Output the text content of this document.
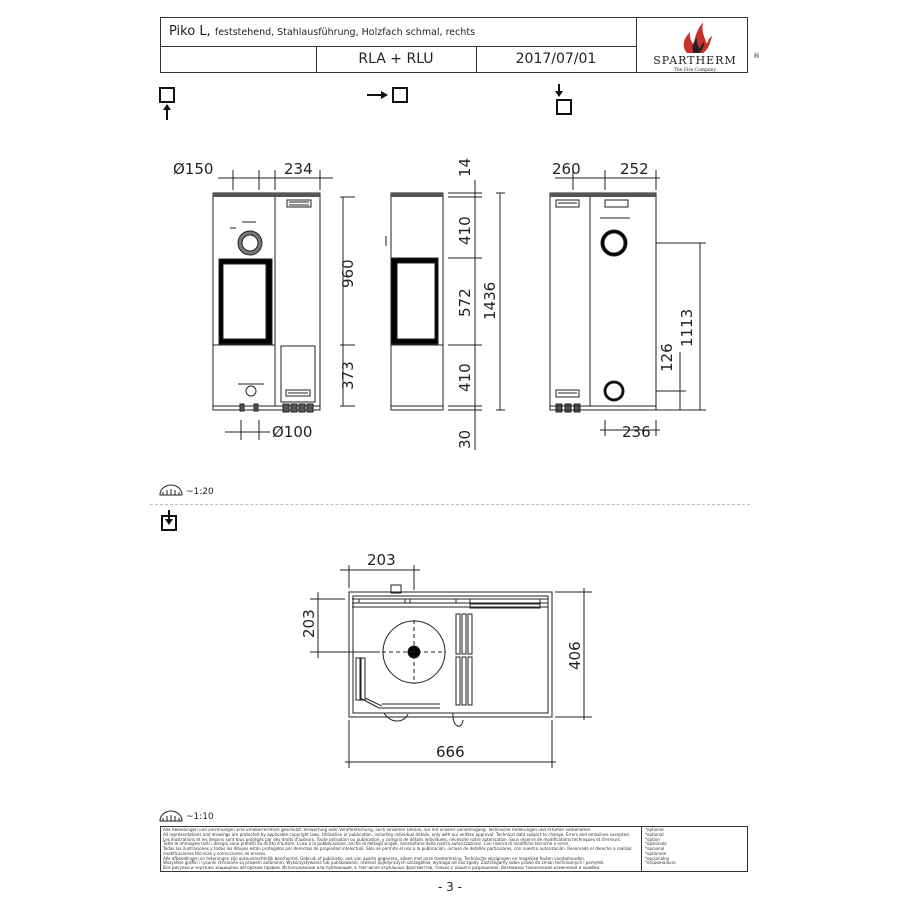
Piko L, feststehend, Stahlausführung, Holzfach schmal, rechts
RLA + RLU	2017/07/01	SPARTHERM
The Fire Company
®
Ø150	234
960
373
Ø100
14
410
572 1436
410
30
260	252
1113
126
236
~1:20
203
203
406
666
~1:10
Alle Abbildungen und Zeichnungen sind urheberrechtlich geschützt. Verwertung oder Veröffentlichung, auch einzelner Details, nur mit unserer Genehmigung. Technische Änderungen und Irrtümer vorbehalten.
All representations and drawings are protected by applicable copyright laws. Utilization or publication, including individual details, only with our written approval. Technical data subject to change. Errors and omissions excepted.
Les illustrations et les dessins sont tous protégés par des droits d'auteurs. Toute utilisation ou publication, y compris de détails individuels, nécessite notre autorisation. Sous réserve de modifications techniques et d'erreurs.
Tutte le immagine tutti i disegni sono protetti da diritto d'autore. L'uso o la pubblicazione, anche di dettagli singoli, necessitano della nostra autorizzazione. Con riserva di modifiche tecniche e errori.
Todas las ilustraciones y todos los dibujos están protegidos por derechos de propiedad intelectual. Sólo se permite el uso o la publicación, incluso de detalles particulares, con nuestra autorización. Reservado el derecho a realizar modificaciones técnicas y correcciones de errores.
Alle afbeeldingen en tekeningen zijn auteursrechtelijk beschermd. Gebruik of publicatie, ook van aparte gegevens, alleen met onze toestemming. Technische wijzigingen en mogelijke fouten voorbehouden.
Wszystkie grafiki i rysunki chronione są prawem autorskim. Wykorzystywanie lub publikowanie, również pojedynczych szczegółów, wymaga od nas zgody. Zastrzegamy sobie prawo do zmian technicznych i pomyłek.
Все рисунки и чертежи защищены авторским правом. Использование или публикация, в том числе отдельных фрагментов, только с нашего разрешения. Возможны технические изменения и ошибки.
*optional
*optional
*option
*opzionale
*opcional
*optioneie
*opcjonalny
*опционально
- 3 -
